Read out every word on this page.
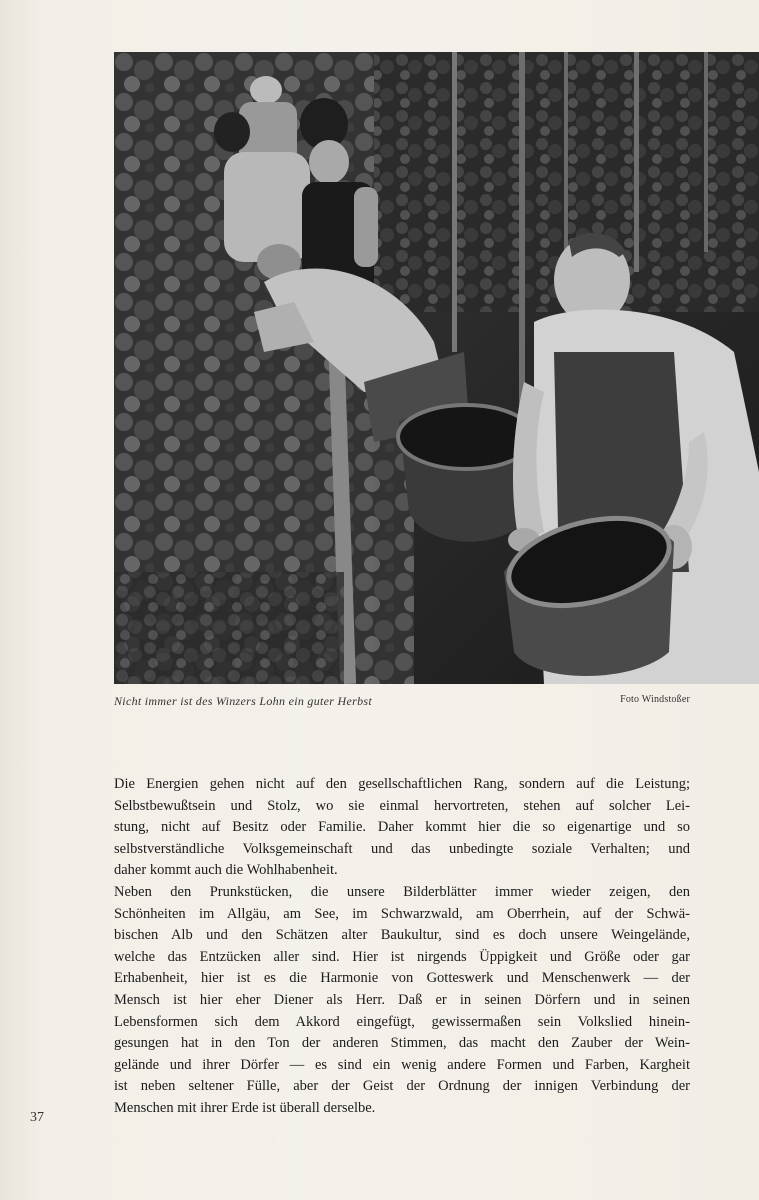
Nicht immer ist des Winzers Lohn ein guter Herbst	Foto Windstoßer

Die Energien gehen nicht auf den gesellschaftlichen Rang, sondern auf die Leistung;

Selbstbewußtsein und Stolz, wo sie einmal hervortreten, stehen auf solcher Lei-

stung, nicht auf Besitz oder Familie. Daher kommt hier die so eigenartige und so

selbstverständliche Volksgemeinschaft und das unbedingte soziale Verhalten; und

daher kommt auch die Wohlhabenheit.

Neben den Prunkstücken, die unsere Bilderblätter immer wieder zeigen, den

Schönheiten im Allgäu, am See, im Schwarzwald, am Oberrhein, auf der Schwä-

bischen Alb und den Schätzen alter Baukultur, sind es doch unsere Weingelände,

welche das Entzücken aller sind. Hier ist nirgends Üppigkeit und Größe oder gar

Erhabenheit, hier ist es die Harmonie von Gotteswerk und Menschenwerk — der

Mensch ist hier eher Diener als Herr. Daß er in seinen Dörfern und in seinen

Lebensformen sich dem Akkord eingefügt, gewissermaßen sein Volkslied hinein-

gesungen hat in den Ton der anderen Stimmen, das macht den Zauber der Wein-

gelände und ihrer Dörfer — es sind ein wenig andere Formen und Farben, Kargheit

ist neben seltener Fülle, aber der Geist der Ordnung der innigen Verbindung der

Menschen mit ihrer Erde ist überall derselbe.

37
